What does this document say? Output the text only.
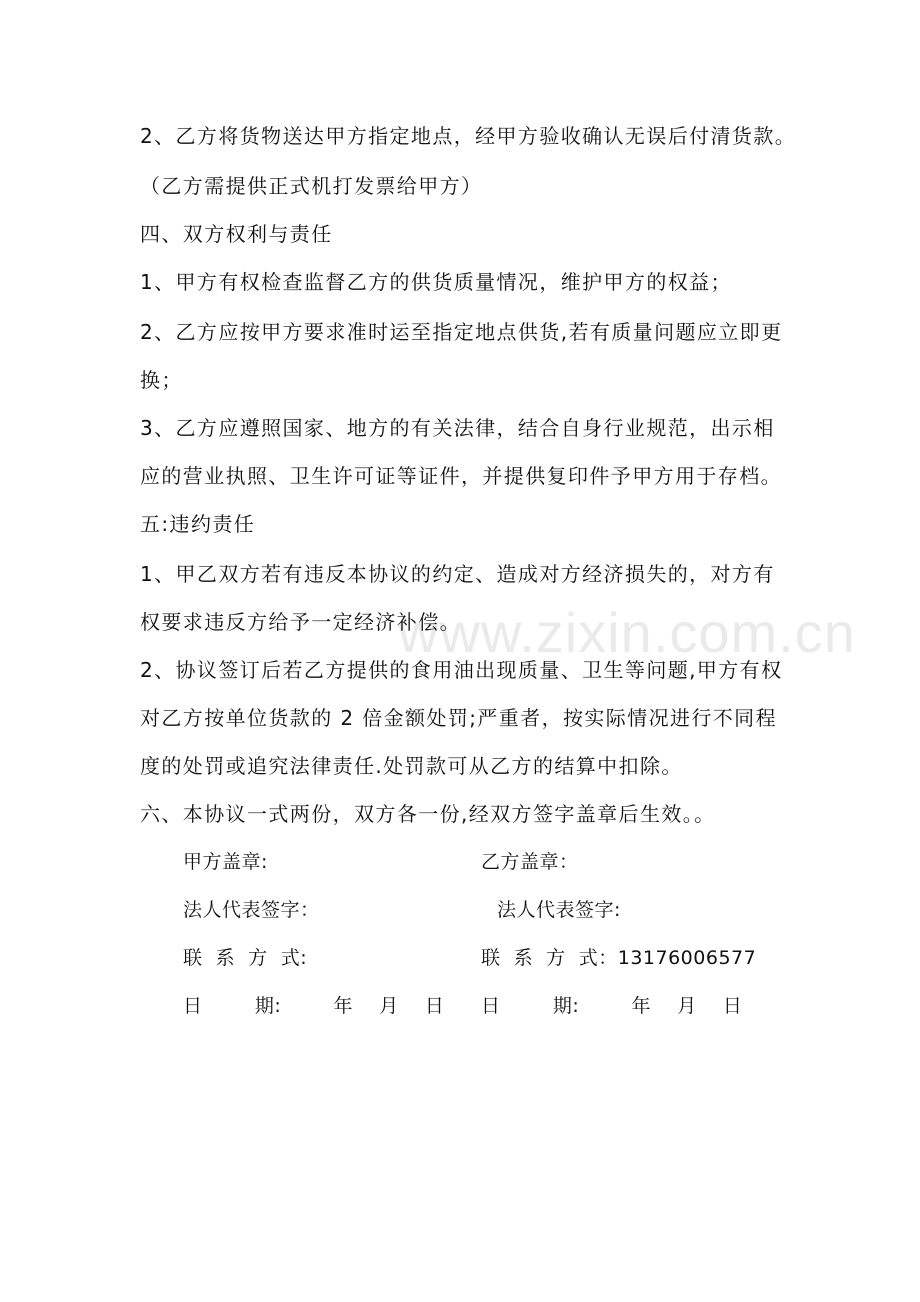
www.zixin.com.cn
2、乙方将货物送达甲方指定地点，经甲方验收确认无误后付清货款。
（乙方需提供正式机打发票给甲方）
四、双方权利与责任
1、甲方有权检查监督乙方的供货质量情况，维护甲方的权益；
2、乙方应按甲方要求准时运至指定地点供货,若有质量问题应立即更
换；
3、乙方应遵照国家、地方的有关法律，结合自身行业规范，出示相
应的营业执照、卫生许可证等证件，并提供复印件予甲方用于存档。
五:违约责任
1、甲乙双方若有违反本协议的约定、造成对方经济损失的，对方有
权要求违反方给予一定经济补偿。
2、协议签订后若乙方提供的食用油出现质量、卫生等问题,甲方有权
对乙方按单位货款的 2 倍金额处罚;严重者，按实际情况进行不同程
度的处罚或追究法律责任.处罚款可从乙方的结算中扣除。
六、本协议一式两份，双方各一份,经双方签字盖章后生效。。
甲方盖章:	乙方盖章：
法人代表签字：	法人代表签字:
联  系  方  式:	联  系  方  式：13176006577
日        期:        年    月    日 日        期:        年    月    日
